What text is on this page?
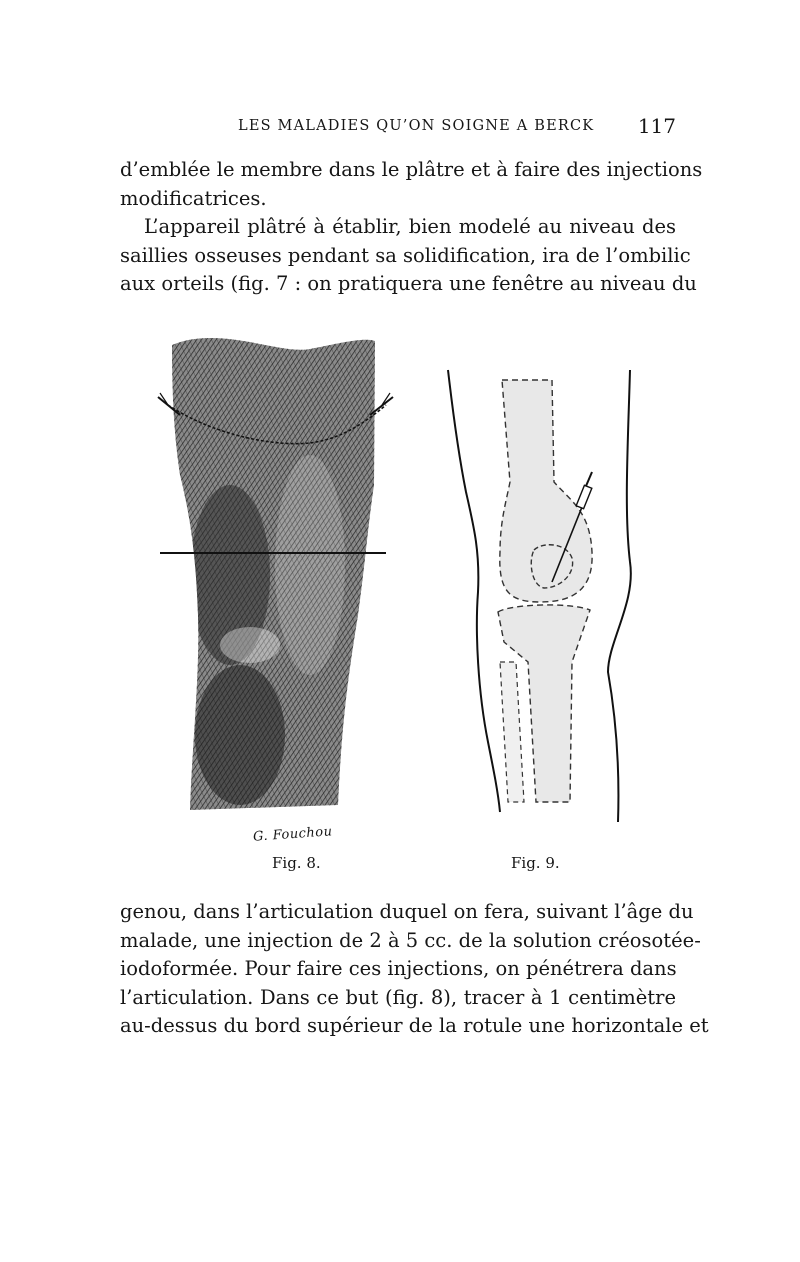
LES MALADIES QU’ON SOIGNE A BERCK 117

d’emblée le membre dans le plâtre et à faire des injections
modificatrices.

L’appareil plâtré à établir, bien modelé au niveau des
saillies osseuses pendant sa solidification, ira de l’ombilic
aux orteils (fig. 7 : on pratiquera une fenêtre au niveau du

G. Fouchou
Fig. 8.	Fig. 9.

genou, dans l’articulation duquel on fera, suivant l’âge du
malade, une injection de 2 à 5 cc. de la solution créosotée-
iodoformée. Pour faire ces injections, on pénétrera dans
l’articulation. Dans ce but (fig. 8), tracer à 1 centimètre
au-dessus du bord supérieur de la rotule une horizontale et
